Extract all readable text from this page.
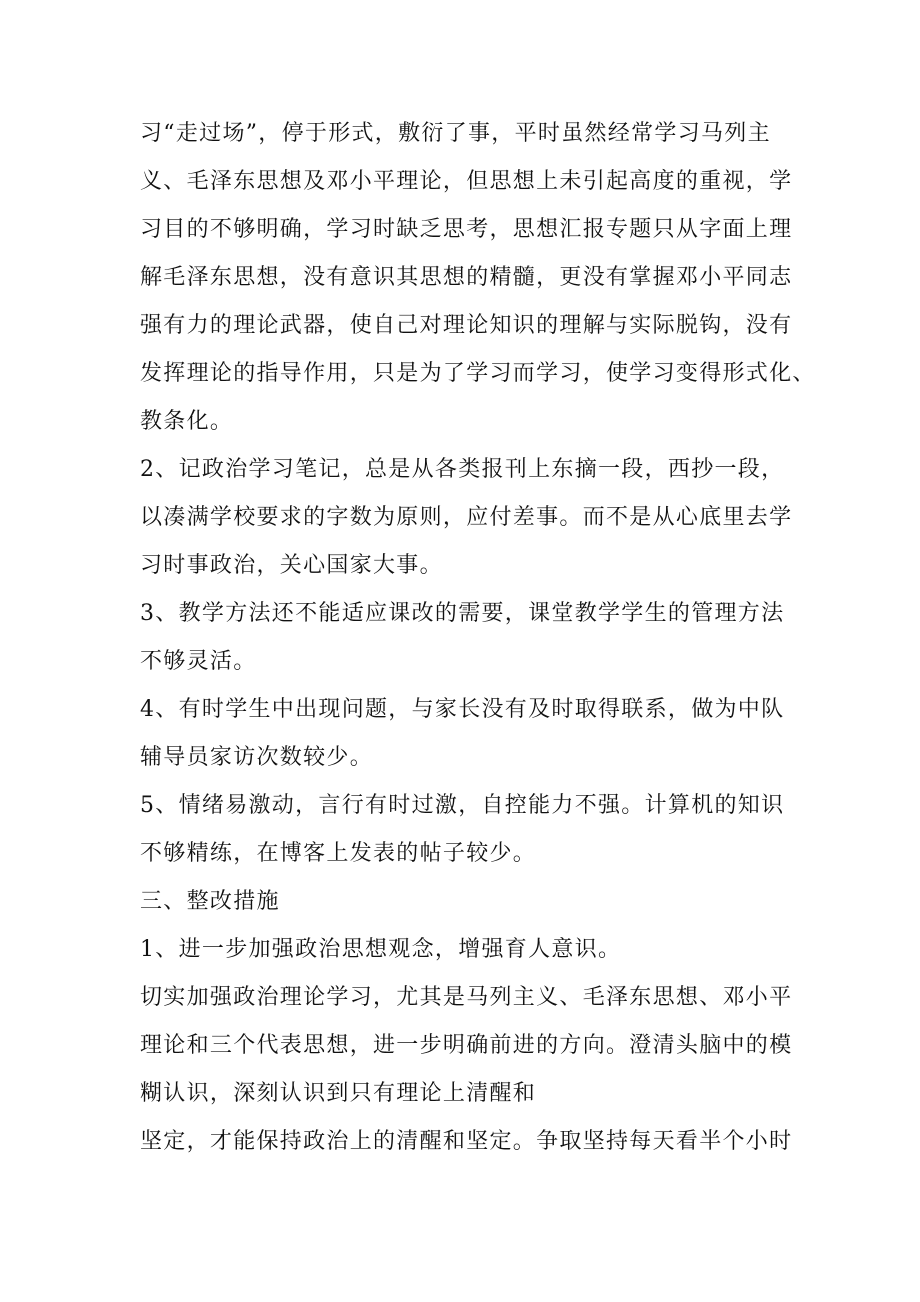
习“走过场”，停于形式，敷衍了事，平时虽然经常学习马列主
义、毛泽东思想及邓小平理论，但思想上未引起高度的重视，学
习目的不够明确，学习时缺乏思考，思想汇报专题只从字面上理
解毛泽东思想，没有意识其思想的精髓，更没有掌握邓小平同志
强有力的理论武器，使自己对理论知识的理解与实际脱钩，没有
发挥理论的指导作用，只是为了学习而学习，使学习变得形式化、
教条化。
2、记政治学习笔记，总是从各类报刊上东摘一段，西抄一段，
以凑满学校要求的字数为原则，应付差事。而不是从心底里去学
习时事政治，关心国家大事。
3、教学方法还不能适应课改的需要，课堂教学学生的管理方法
不够灵活。
4、有时学生中出现问题，与家长没有及时取得联系，做为中队
辅导员家访次数较少。
5、情绪易激动，言行有时过激，自控能力不强。计算机的知识
不够精练，在博客上发表的帖子较少。
三、整改措施
1、进一步加强政治思想观念，增强育人意识。
切实加强政治理论学习，尤其是马列主义、毛泽东思想、邓小平
理论和三个代表思想，进一步明确前进的方向。澄清头脑中的模
糊认识，深刻认识到只有理论上清醒和
坚定，才能保持政治上的清醒和坚定。争取坚持每天看半个小时
